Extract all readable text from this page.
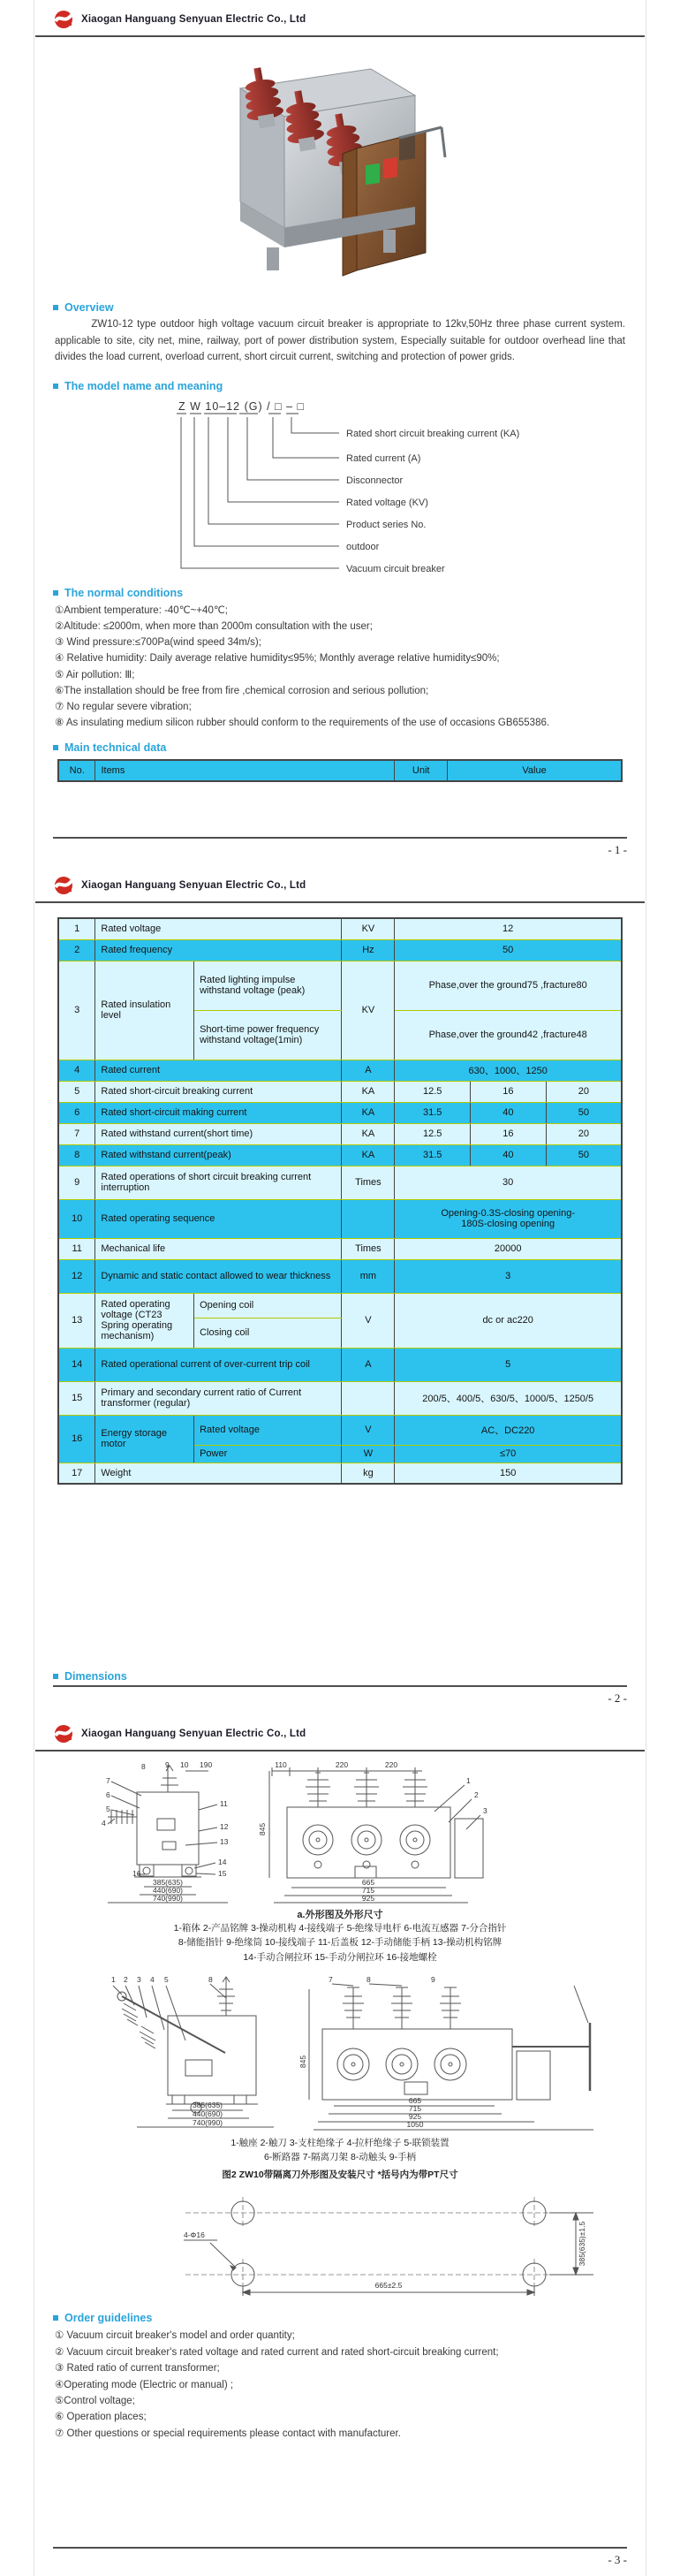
Xiaogan Hanguang Senyuan Electric Co., Ltd
Overview

ZW10-12 type outdoor high voltage vacuum circuit breaker is appropriate to 12kv,50Hz three phase current system. applicable to site, city net, mine, railway, port of power distribution system, Especially suitable for outdoor overhead line that divides the load current, overload current, short circuit current, switching and protection of power grids.

The model name and meaning
Z W 10–12 (G) / □ – □
Rated short circuit breaking current (KA)
Rated current (A)
Disconnector
Rated voltage (KV)
Product series No.
outdoor
Vacuum circuit breaker
The normal conditions

①Ambient temperature: -40℃~+40℃;

②Altitude: ≤2000m, when more than 2000m consultation with the user;

③ Wind pressure:≤700Pa(wind speed 34m/s);

④ Relative humidity: Daily average relative humidity≤95%; Monthly average relative humidity≤90%;

⑤ Air pollution: Ⅲ;

⑥The installation should be free from fire ,chemical corrosion and serious pollution;

⑦ No regular severe vibration;

⑧ As insulating medium silicon rubber should conform to the requirements of the use of occasions GB655386.

Main technical data
No.	Items	Unit	Value
- 1 -
Xiaogan Hanguang Senyuan Electric Co., Ltd
1	Rated voltage		KV	12		
2	Rated frequency		Hz	50		
3	Rated insulation level	Rated lighting impulse withstand voltage (peak)	KV	Phase,over the ground75 ,fracture80		
		Short-time power frequency withstand voltage(1min)		Phase,over the ground42 ,fracture48		
4	Rated current		A	630、1000、1250		
5	Rated short-circuit breaking current		KA	12.5	16	20
6	Rated short-circuit making current		KA	31.5	40	50
7	Rated withstand current(short time)		KA	12.5	16	20
8	Rated withstand current(peak)		KA	31.5	40	50
9	Rated operations of short circuit breaking current interruption		Times	30		
10	Rated operating sequence			Opening-0.3S-closing opening-180S-closing opening		
11	Mechanical life		Times	20000		
12	Dynamic and static contact allowed to wear thickness		mm	3		
13	Rated operating voltage (CT23 Spring operating mechanism)	Opening coil	V	dc or ac220		
		Closing coil				
14	Rated operational current of over-current trip coil		A	5		
15	Primary and secondary current ratio of Current transformer (regular)			200/5、400/5、630/5、1000/5、1250/5		
16	Energy storage motor	Rated voltage	V	AC、DC220		
		Power	W	≤70		
17	Weight		kg	150		
Dimensions
- 2 -
Xiaogan Hanguang Senyuan Electric Co., Ltd
8	9 10 190
7
6
5
4
11
12
13
14
15
16
385(635)
440(690)
740(990)
110	220	220
845
1
2
3
665
715
925

a.外形图及外形尺寸

1-箱体 2-产品铭牌 3-操动机构 4-接线端子 5-绝缘导电杆 6-电流互感器 7-分合指针

8-储能指针 9-绝缘筒 10-接线端子 11-后盖板 12-手动储能手柄 13-操动机构铭牌

14-手动合闸拉环 15-手动分闸拉环 16-接地螺栓

1 2 3 4 5	8
385(635)
440(690)
740(990)
7	8	9
845
665
715
925
1050

1-触座 2-触刀 3-支柱绝缘子 4-拉杆绝缘子 5-联锁装置

6-断路器 7-隔离刀架 8-动触头 9-手柄

图2 ZW10带隔离刀外形图及安装尺寸 *括号内为带PT尺寸

4-Φ16
665±2.5
385(635)±1.5
Order guidelines

① Vacuum circuit breaker's model and order quantity;

② Vacuum circuit breaker's rated voltage and rated current and rated short-circuit breaking current;

③ Rated ratio of current transformer;

④Operating mode (Electric or manual) ;

⑤Control voltage;

⑥ Operation places;

⑦ Other questions or special requirements please contact with manufacturer.

- 3 -
